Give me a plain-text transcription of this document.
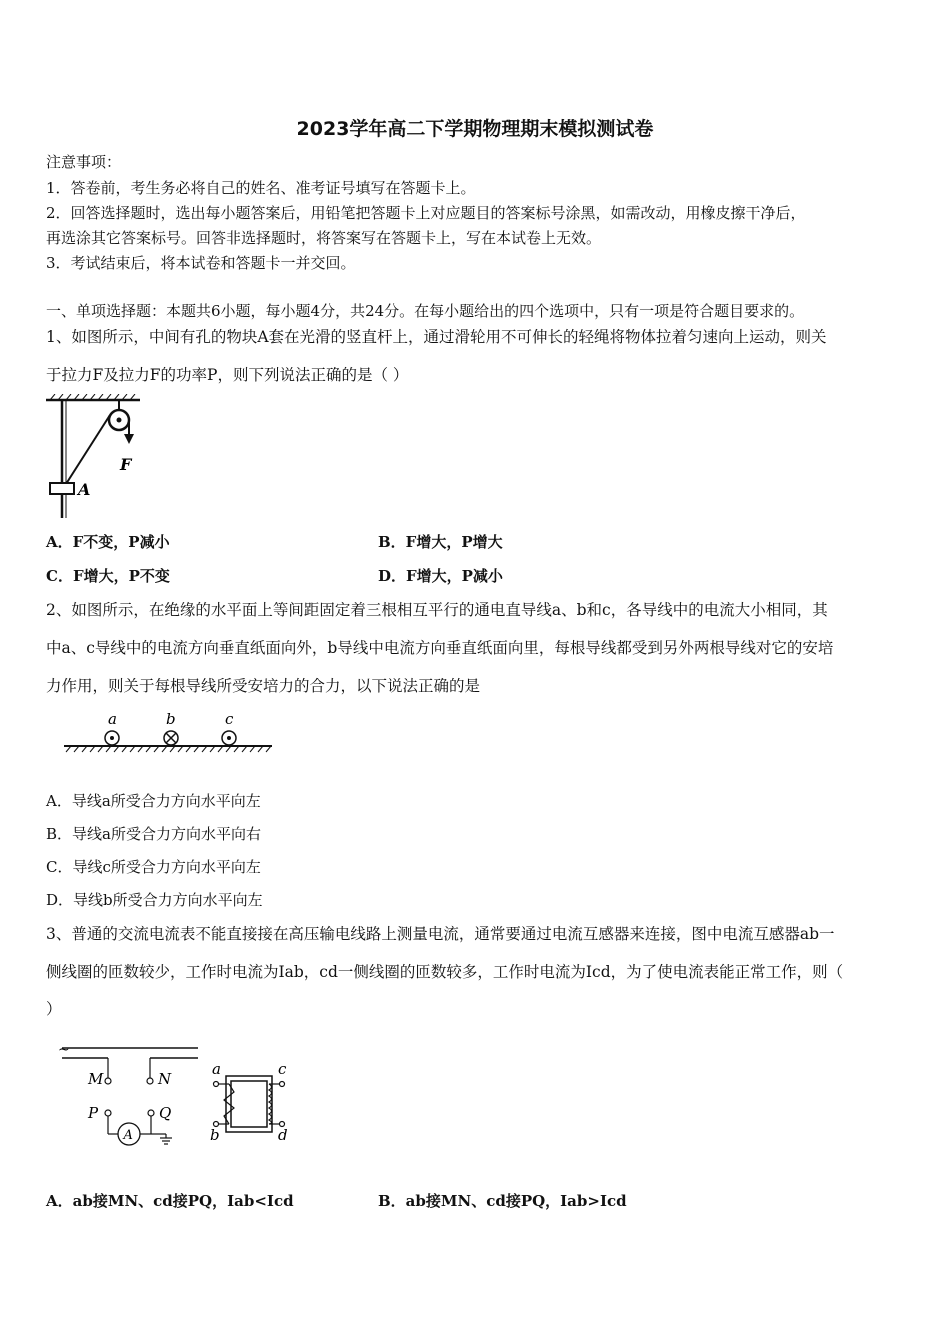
2023学年高二下学期物理期末模拟测试卷
注意事项：
1．答卷前，考生务必将自己的姓名、准考证号填写在答题卡上。
2．回答选择题时，选出每小题答案后，用铅笔把答题卡上对应题目的答案标号涂黑，如需改动，用橡皮擦干净后，
再选涂其它答案标号。回答非选择题时，将答案写在答题卡上，写在本试卷上无效。
3．考试结束后，将本试卷和答题卡一并交回。
一、单项选择题：本题共6小题，每小题4分，共24分。在每小题给出的四个选项中，只有一项是符合题目要求的。
1、如图所示，中间有孔的物块A套在光滑的竖直杆上，通过滑轮用不可伸长的轻绳将物体拉着匀速向上运动，则关
于拉力F及拉力F的功率P，则下列说法正确的是（ ）
F
A
A．F不变，P减小	B．F增大，P增大
C．F增大，P不变	D．F增大，P减小
2、如图所示，在绝缘的水平面上等间距固定着三根相互平行的通电直导线a、b和c，各导线中的电流大小相同，其
中a、c导线中的电流方向垂直纸面向外，b导线中电流方向垂直纸面向里，每根导线都受到另外两根导线对它的安培
力作用，则关于每根导线所受安培力的合力，以下说法正确的是
a	b	c
A．导线a所受合力方向水平向左
B．导线a所受合力方向水平向右
C．导线c所受合力方向水平向左
D．导线b所受合力方向水平向左
3、普通的交流电流表不能直接接在高压输电线路上测量电流，通常要通过电流互感器来连接，图中电流互感器ab一
侧线圈的匝数较少，工作时电流为Iab，cd一侧线圈的匝数较多，工作时电流为Icd，为了使电流表能正常工作，则（
）
~
M	N
P
A
Q
a
b
c
d
A．ab接MN、cd接PQ，Iab<Icd	B．ab接MN、cd接PQ，Iab>Icd
